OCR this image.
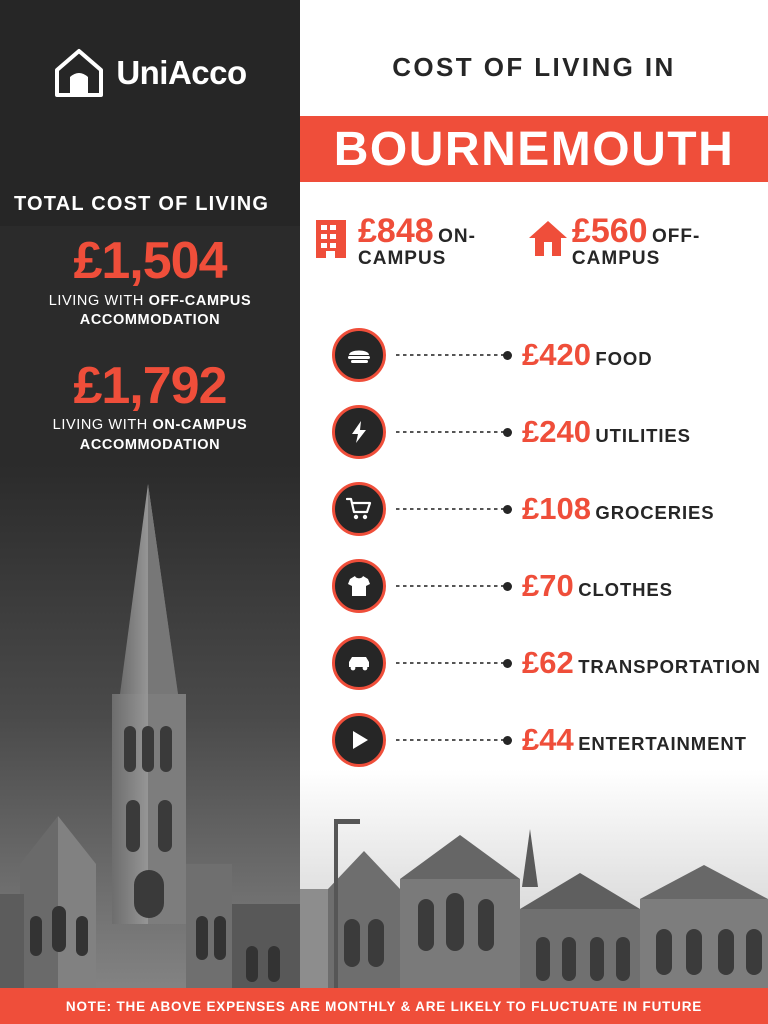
UniAcco	COST OF LIVING IN
BOURNEMOUTH
TOTAL COST OF LIVING
£1,504
LIVING WITH OFF-CAMPUS
ACCOMMODATION
£1,792
LIVING WITH ON-CAMPUS
ACCOMMODATION
£848 ON-CAMPUS
£560 OFF-CAMPUS
£420 FOOD
£240 UTILITIES
£108 GROCERIES
£70 CLOTHES
£62 TRANSPORTATION
£44 ENTERTAINMENT
NOTE: THE ABOVE EXPENSES ARE MONTHLY & ARE LIKELY TO FLUCTUATE IN FUTURE
